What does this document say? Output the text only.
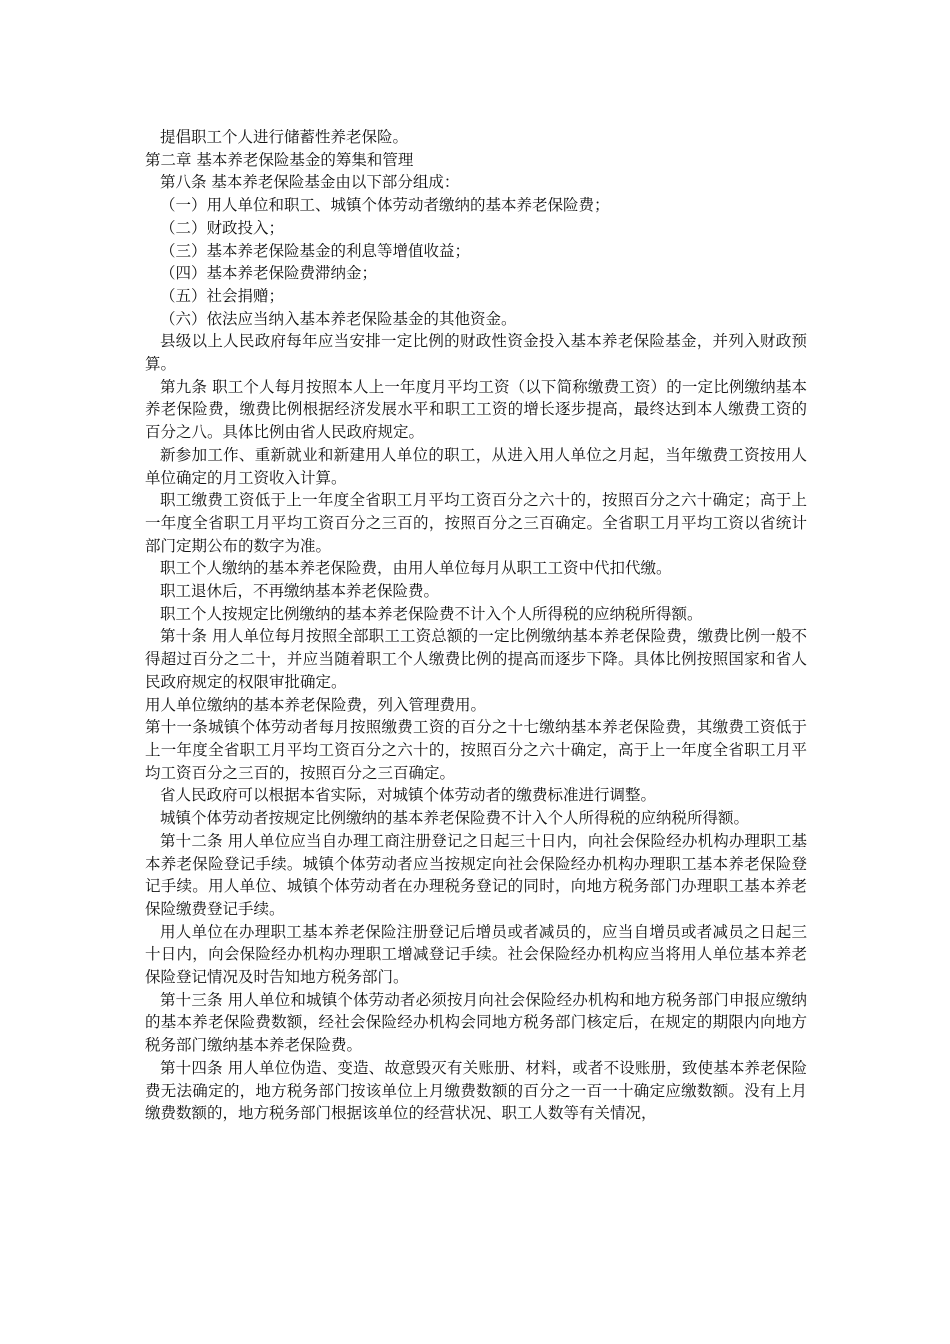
提倡职工个人进行储蓄性养老保险。

第二章 基本养老保险基金的筹集和管理

第八条 基本养老保险基金由以下部分组成：

（一）用人单位和职工、城镇个体劳动者缴纳的基本养老保险费；

（二）财政投入；

（三）基本养老保险基金的利息等增值收益；

（四）基本养老保险费滞纳金；

（五）社会捐赠；

（六）依法应当纳入基本养老保险基金的其他资金。

县级以上人民政府每年应当安排一定比例的财政性资金投入基本养老保险基金，并列入财政预算。

第九条 职工个人每月按照本人上一年度月平均工资（以下简称缴费工资）的一定比例缴纳基本养老保险费，缴费比例根据经济发展水平和职工工资的增长逐步提高，最终达到本人缴费工资的百分之八。具体比例由省人民政府规定。

新参加工作、重新就业和新建用人单位的职工，从进入用人单位之月起，当年缴费工资按用人单位确定的月工资收入计算。

职工缴费工资低于上一年度全省职工月平均工资百分之六十的，按照百分之六十确定；高于上一年度全省职工月平均工资百分之三百的，按照百分之三百确定。全省职工月平均工资以省统计部门定期公布的数字为准。

职工个人缴纳的基本养老保险费，由用人单位每月从职工工资中代扣代缴。

职工退休后，不再缴纳基本养老保险费。

职工个人按规定比例缴纳的基本养老保险费不计入个人所得税的应纳税所得额。

第十条 用人单位每月按照全部职工工资总额的一定比例缴纳基本养老保险费，缴费比例一般不得超过百分之二十，并应当随着职工个人缴费比例的提高而逐步下降。具体比例按照国家和省人民政府规定的权限审批确定。

用人单位缴纳的基本养老保险费，列入管理费用。

第十一条城镇个体劳动者每月按照缴费工资的百分之十七缴纳基本养老保险费，其缴费工资低于上一年度全省职工月平均工资百分之六十的，按照百分之六十确定，高于上一年度全省职工月平均工资百分之三百的，按照百分之三百确定。

省人民政府可以根据本省实际，对城镇个体劳动者的缴费标准进行调整。

城镇个体劳动者按规定比例缴纳的基本养老保险费不计入个人所得税的应纳税所得额。

第十二条 用人单位应当自办理工商注册登记之日起三十日内，向社会保险经办机构办理职工基本养老保险登记手续。城镇个体劳动者应当按规定向社会保险经办机构办理职工基本养老保险登记手续。用人单位、城镇个体劳动者在办理税务登记的同时，向地方税务部门办理职工基本养老保险缴费登记手续。

用人单位在办理职工基本养老保险注册登记后增员或者减员的，应当自增员或者减员之日起三十日内，向会保险经办机构办理职工增减登记手续。社会保险经办机构应当将用人单位基本养老保险登记情况及时告知地方税务部门。

第十三条 用人单位和城镇个体劳动者必须按月向社会保险经办机构和地方税务部门申报应缴纳的基本养老保险费数额，经社会保险经办机构会同地方税务部门核定后，在规定的期限内向地方税务部门缴纳基本养老保险费。

第十四条 用人单位伪造、变造、故意毁灭有关账册、材料，或者不设账册，致使基本养老保险费无法确定的，地方税务部门按该单位上月缴费数额的百分之一百一十确定应缴数额。没有上月缴费数额的，地方税务部门根据该单位的经营状况、职工人数等有关情况，
